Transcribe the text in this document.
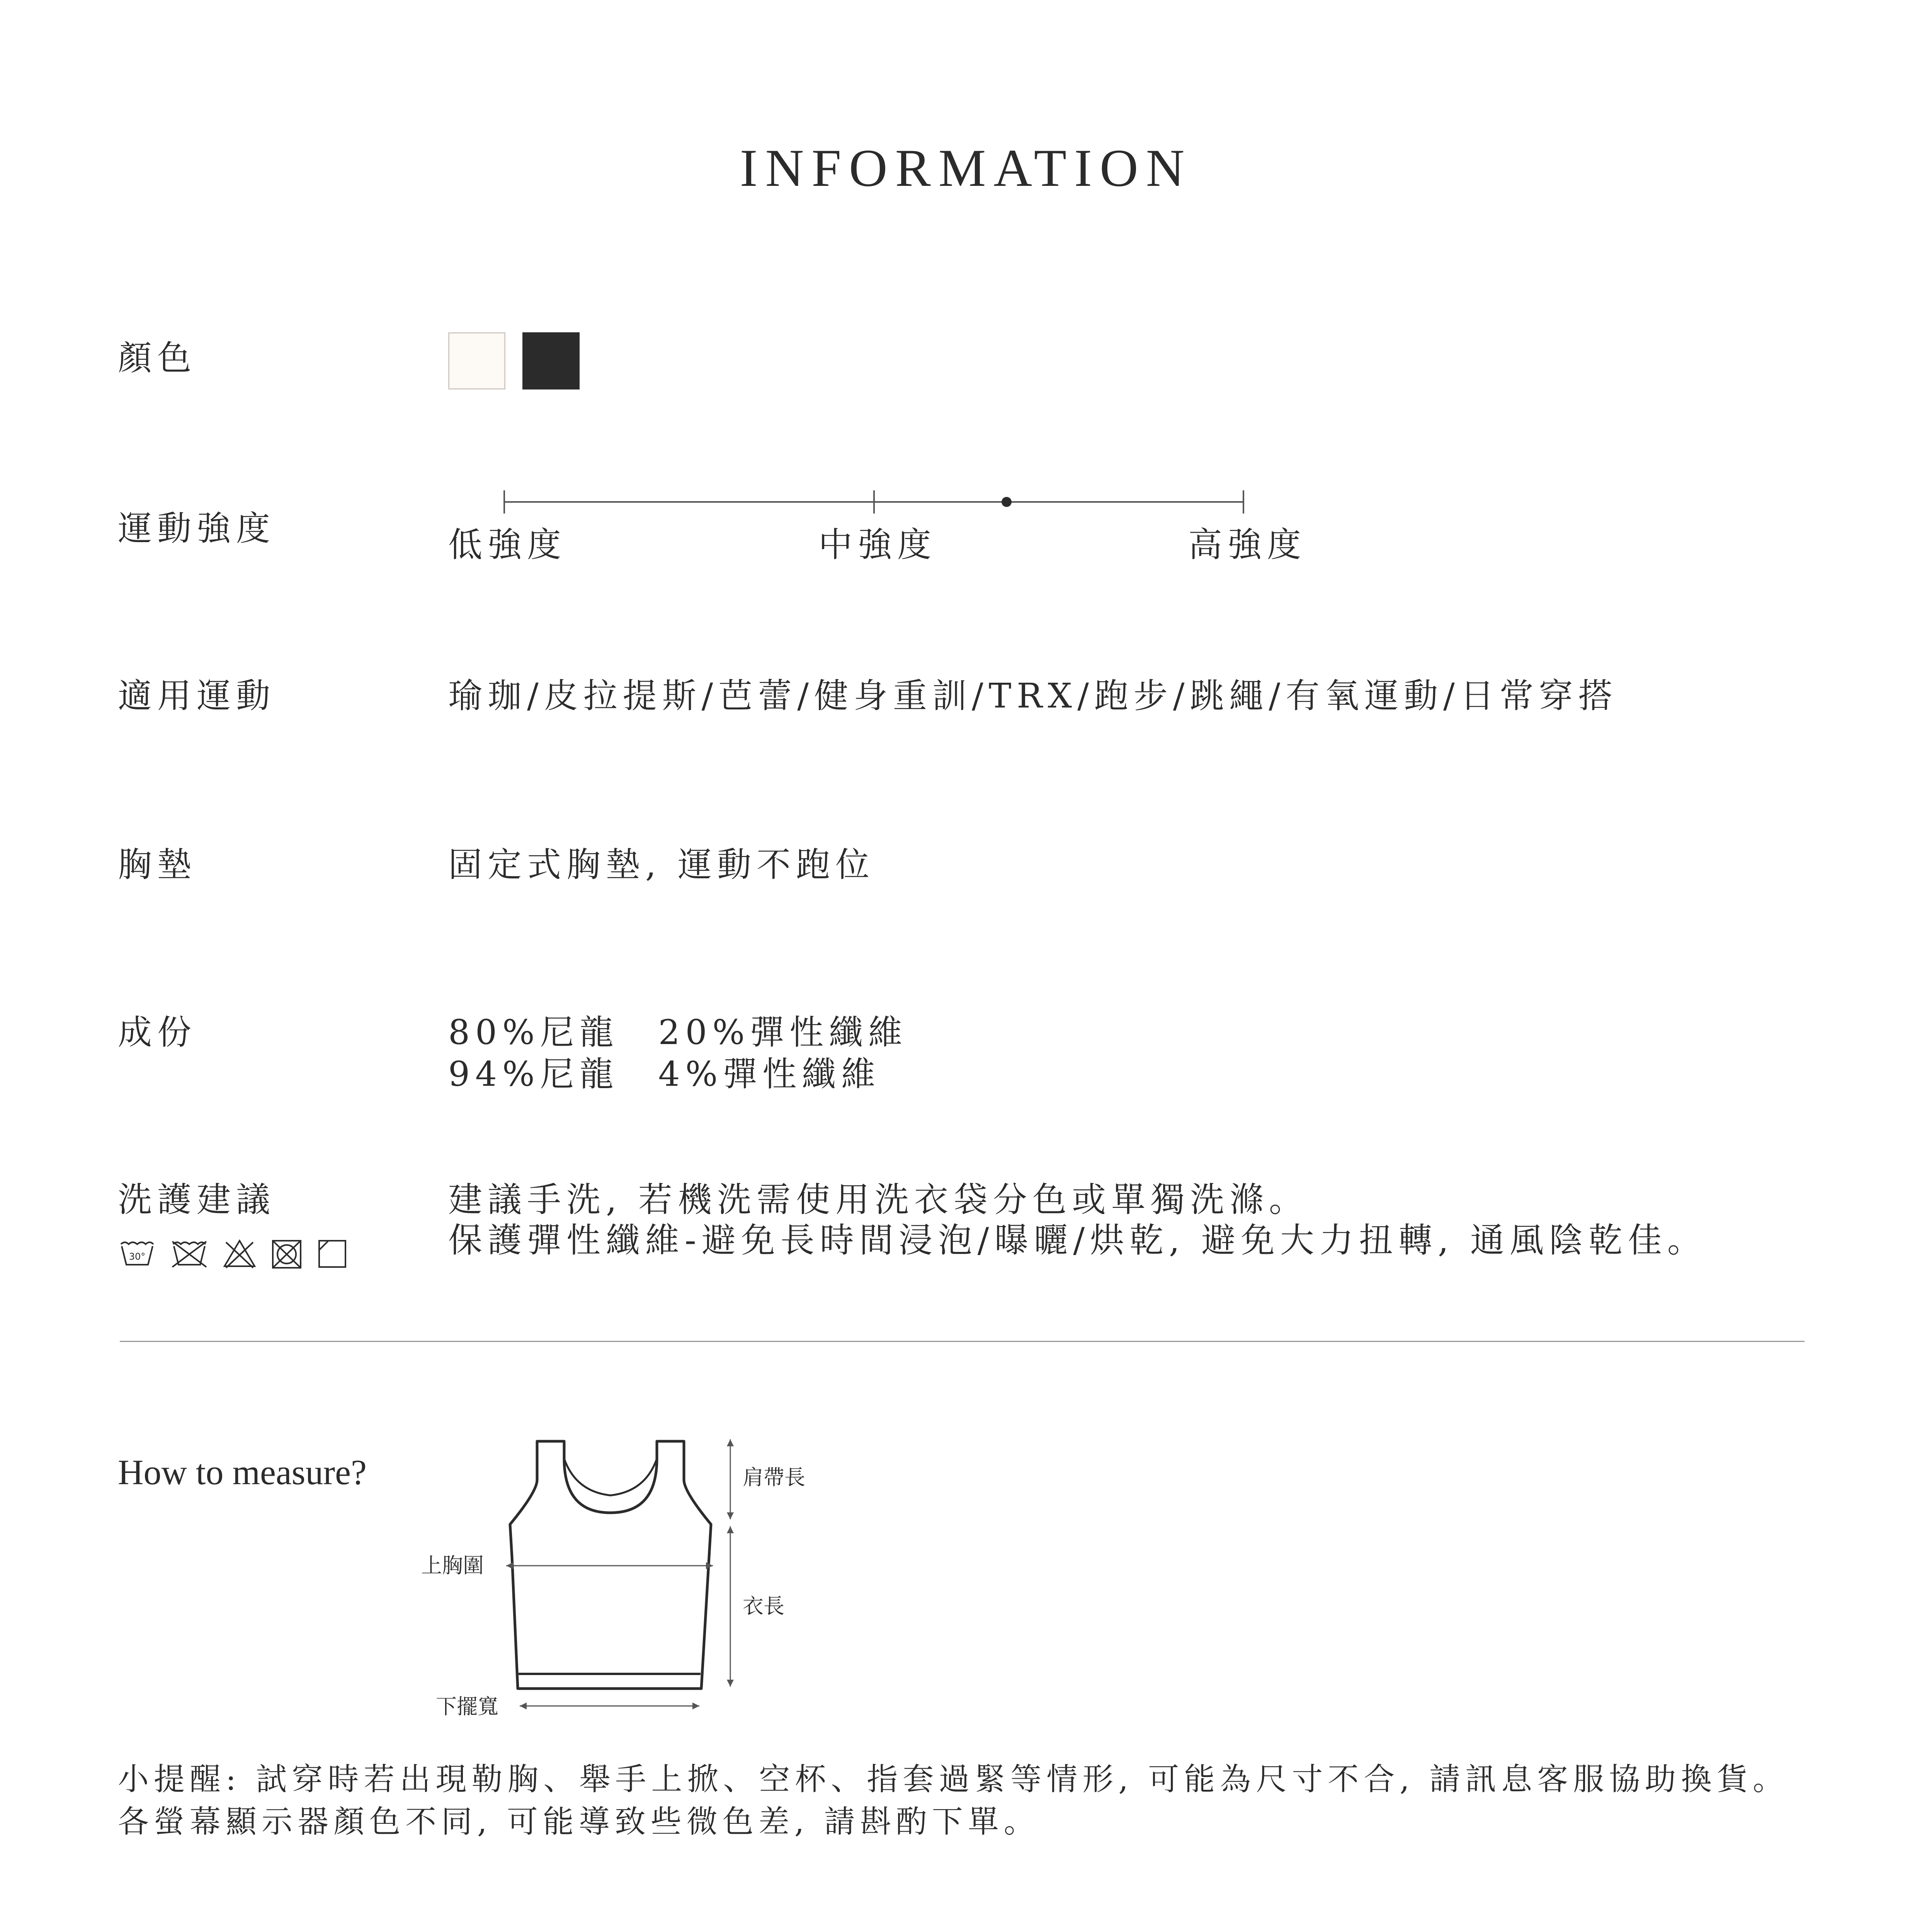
INFORMATION
顏色
運動強度	低強度	中強度	高強度
適用運動	瑜珈/皮拉提斯/芭蕾/健身重訓/TRX/跑步/跳繩/有氧運動/日常穿搭
胸墊	固定式胸墊, 運動不跑位
成份	80%尼龍　20%彈性纖維
94%尼龍　4%彈性纖維
洗護建議	建議手洗, 若機洗需使用洗衣袋分色或單獨洗滌。
保護彈性纖維-避免長時間浸泡/曝曬/烘乾, 避免大力扭轉, 通風陰乾佳。
30°
How to measure?	肩帶長
上胸圍
衣長
下擺寬
小提醒: 試穿時若出現勒胸、舉手上掀、空杯、指套過緊等情形, 可能為尺寸不合, 請訊息客服協助換貨。
各螢幕顯示器顏色不同, 可能導致些微色差, 請斟酌下單。
